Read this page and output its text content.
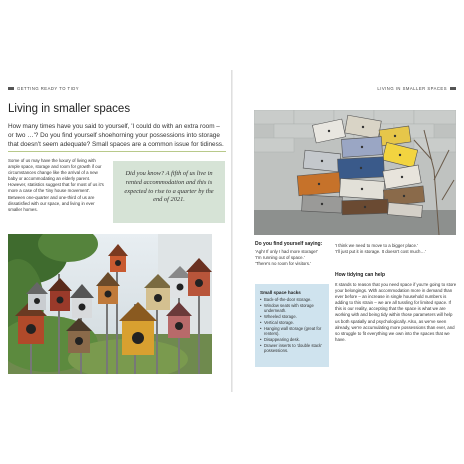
GETTING READY TO TIDY
Living in smaller spaces
How many times have you said to yourself, 'I could do with an extra room – or two …'? Do you find yourself shoehorning your possessions into storage that doesn't seem adequate? Small spaces are a common issue for tidiness.
Some of us may have the luxury of living with ample space, storage and room for growth if our circumstances change like the arrival of a new baby or accommodating an elderly parent. However, statistics suggest that for most of us it's more a case of the 'tiny house movement'. Between one-quarter and one-third of us are dissatisfied with our space, and living in ever smaller homes.
Did you know? A fifth of us live in rented accommodation and this is expected to rise to a quarter by the end of 2021.
LIVING IN SMALLER SPACES
Do you find yourself saying:
'Agh! If only I had more storage!'
'I'm running out of space.'
'There's no room for visitors.'
'I think we need to move to a bigger place.'
'I'll just put it in storage. It doesn't cost much…'
How tidying can help
Small space hacks
• Back-of-the-door storage.
• Window seats with storage underneath.
• Wheeled storage.
• Vertical storage.
• Hanging wall storage (great for renters).
• Disappearing desk.
• Drawer inserts to 'double stack' possessions.
It stands to reason that you need space if you're going to store your belongings. With accommodation more in demand than ever before – an increase in single household numbers is adding to this strain – we are all tussling for limited space. If this is our reality, accepting that the space is what we are working with and being tidy within those parameters will help us both spatially and psychologically. Also, as we've seen already, we're accumulating more possessions than ever, and so struggle to fit everything we own into the spaces that we have.
